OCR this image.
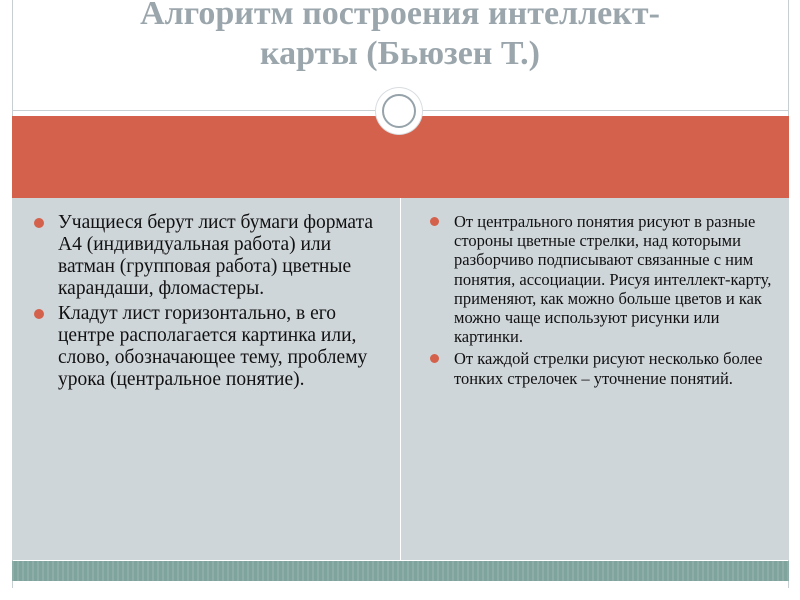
Алгоритм построения интеллект-
карты (Бьюзен Т.)
Учащиеся берут лист бумаги формата А4 (индивидуальная работа) или ватман (групповая работа) цветные карандаши, фломастеры.
Кладут лист горизонтально, в его центре располагается картинка или, слово, обозначающее тему, проблему урока (центральное понятие).
От центрального понятия рисуют в разные стороны цветные стрелки, над которыми разборчиво подписывают связанные с ним понятия, ассоциации. Рисуя интеллект-карту, применяют, как можно больше цветов и как можно чаще используют рисунки или картинки.
От каждой стрелки рисуют несколько более тонких стрелочек – уточнение понятий.
